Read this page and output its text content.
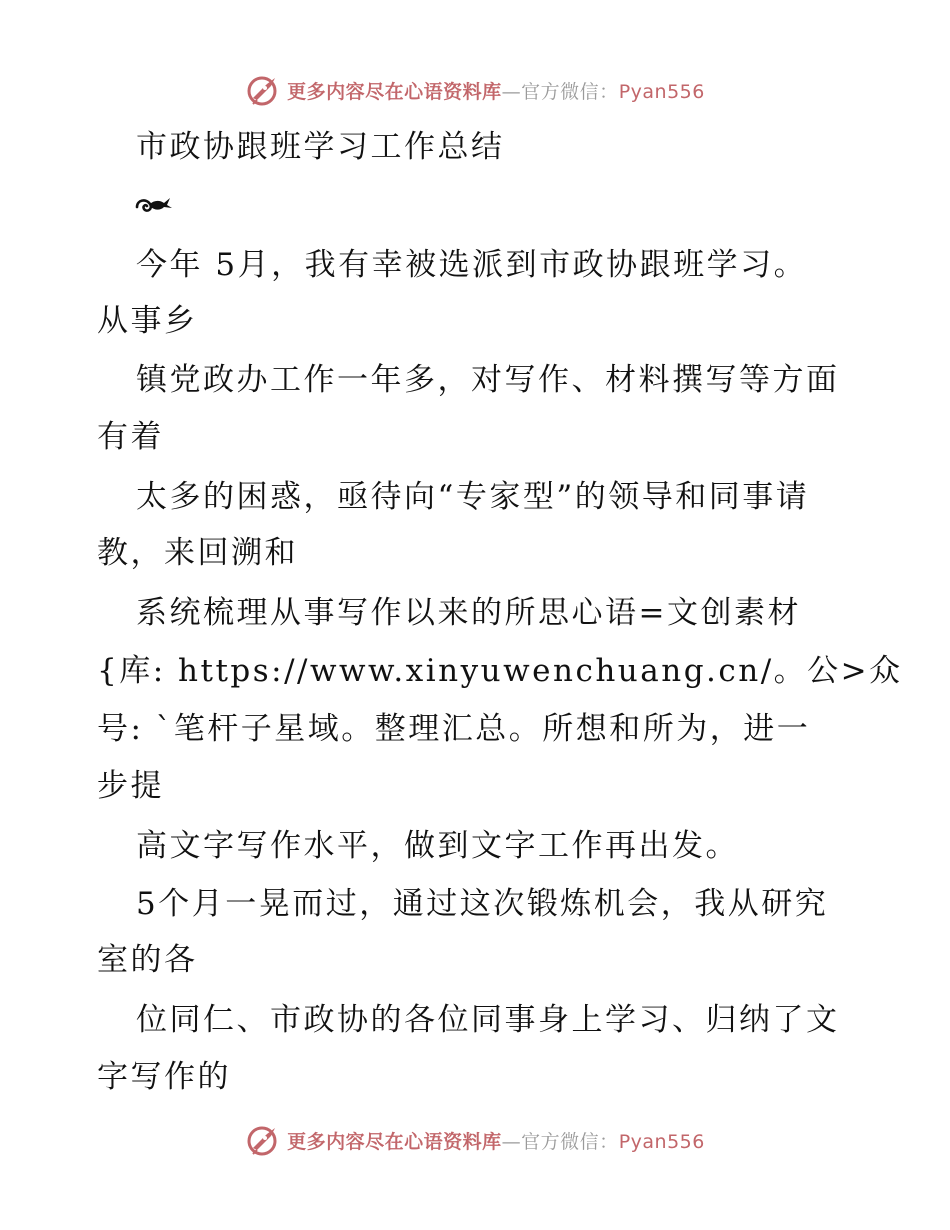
更多内容尽在心语资料库—官方微信：Pyan556
市政协跟班学习工作总结
今年 5月，我有幸被选派到市政协跟班学习。
从事乡
镇党政办工作一年多，对写作、材料撰写等方面
有着
太多的困惑，亟待向“专家型”的领导和同事请
教，来回溯和
系统梳理从事写作以来的所思心语=文创素材
{库: https://www.xinyuwenchuang.cn/。公>众
号: `笔杆子星域。整理汇总。所想和所为，进一
步提
高文字写作水平，做到文字工作再出发。
5个月一晃而过，通过这次锻炼机会，我从研究
室的各
位同仁、市政协的各位同事身上学习、归纳了文
字写作的
更多内容尽在心语资料库—官方微信：Pyan556
